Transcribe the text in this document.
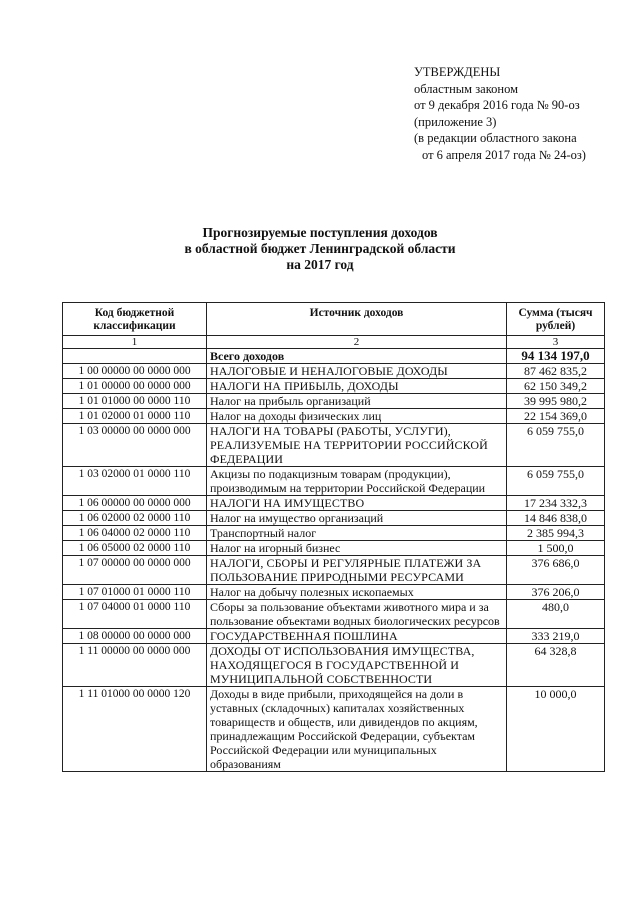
УТВЕРЖДЕНЫ
областным законом
от 9 декабря 2016 года № 90-оз
(приложение 3)
(в редакции областного закона
от 6 апреля 2017 года № 24-оз)
Прогнозируемые поступления доходов
в областной бюджет Ленинградской области
на 2017 год
Код бюджетной классификации	Источник доходов	Сумма (тысяч рублей)
1	2	3
	Всего доходов	94 134 197,0
1 00 00000 00 0000 000	НАЛОГОВЫЕ И НЕНАЛОГОВЫЕ ДОХОДЫ	87 462 835,2
1 01 00000 00 0000 000	НАЛОГИ НА ПРИБЫЛЬ, ДОХОДЫ	62 150 349,2
1 01 01000 00 0000 110	Налог на прибыль организаций	39 995 980,2
1 01 02000 01 0000 110	Налог на доходы физических лиц	22 154 369,0
1 03 00000 00 0000 000	НАЛОГИ НА ТОВАРЫ (РАБОТЫ, УСЛУГИ), РЕАЛИЗУЕМЫЕ НА ТЕРРИТОРИИ РОССИЙСКОЙ ФЕДЕРАЦИИ	6 059 755,0
1 03 02000 01 0000 110	Акцизы по подакцизным товарам (продукции), производимым на территории Российской Федерации	6 059 755,0
1 06 00000 00 0000 000	НАЛОГИ НА ИМУЩЕСТВО	17 234 332,3
1 06 02000 02 0000 110	Налог на имущество организаций	14 846 838,0
1 06 04000 02 0000 110	Транспортный налог	2 385 994,3
1 06 05000 02 0000 110	Налог на игорный бизнес	1 500,0
1 07 00000 00 0000 000	НАЛОГИ, СБОРЫ И РЕГУЛЯРНЫЕ ПЛАТЕЖИ ЗА ПОЛЬЗОВАНИЕ ПРИРОДНЫМИ РЕСУРСАМИ	376 686,0
1 07 01000 01 0000 110	Налог на добычу полезных ископаемых	376 206,0
1 07 04000 01 0000 110	Сборы за пользование объектами животного мира и за пользование объектами водных биологических ресурсов	480,0
1 08 00000 00 0000 000	ГОСУДАРСТВЕННАЯ ПОШЛИНА	333 219,0
1 11 00000 00 0000 000	ДОХОДЫ ОТ ИСПОЛЬЗОВАНИЯ ИМУЩЕСТВА, НАХОДЯЩЕГОСЯ В ГОСУДАРСТВЕННОЙ И МУНИЦИПАЛЬНОЙ СОБСТВЕННОСТИ	64 328,8
1 11 01000 00 0000 120	Доходы в виде прибыли, приходящейся на доли в уставных (складочных) капиталах хозяйственных товариществ и обществ, или дивидендов по акциям, принадлежащим Российской Федерации, субъектам Российской Федерации или муниципальных образованиям	10 000,0
